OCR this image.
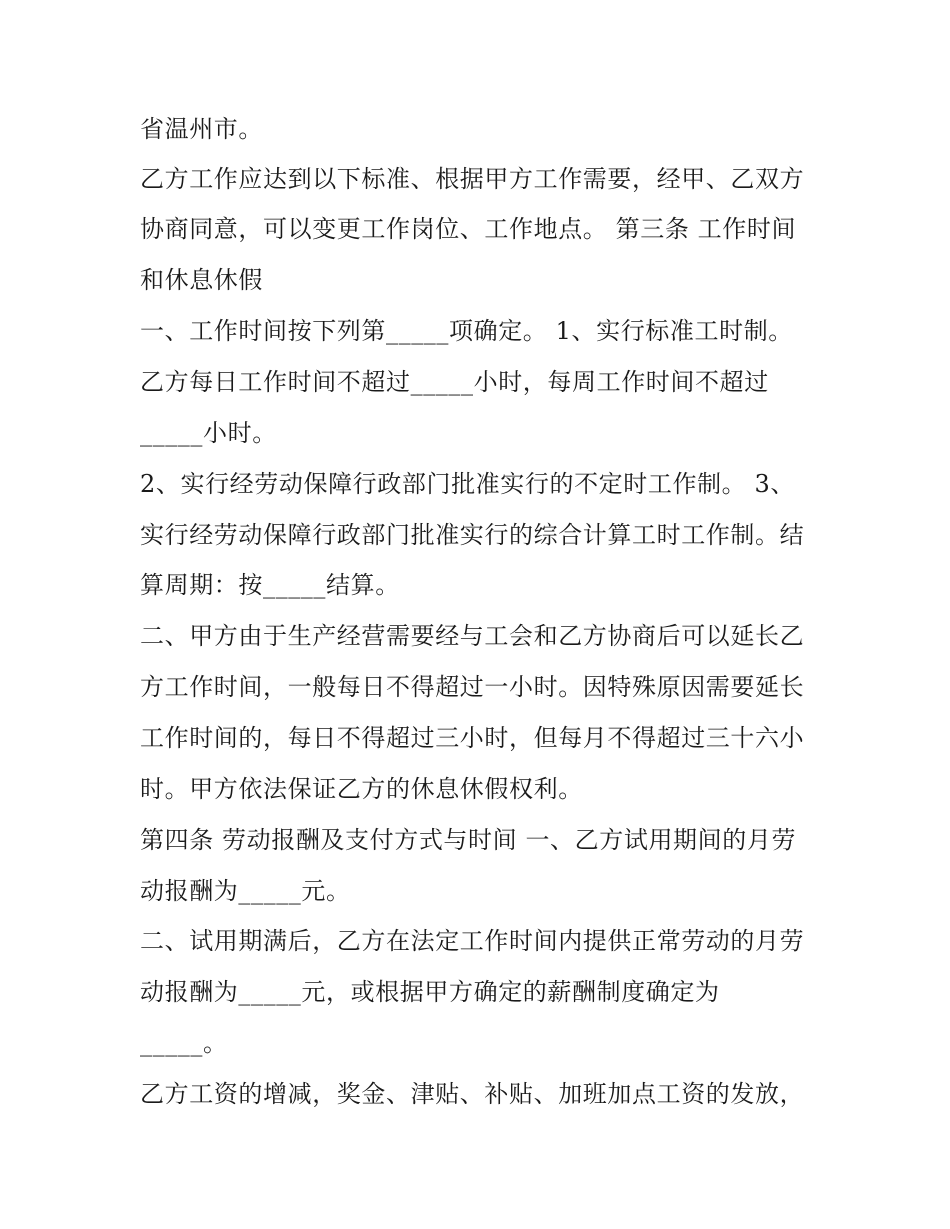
省温州市。
乙方工作应达到以下标准、根据甲方工作需要，经甲、乙双方
协商同意，可以变更工作岗位、工作地点。 第三条 工作时间
和休息休假
一、工作时间按下列第_____项确定。 1、实行标准工时制。
乙方每日工作时间不超过_____小时，每周工作时间不超过
_____小时。
2、实行经劳动保障行政部门批准实行的不定时工作制。 3、
实行经劳动保障行政部门批准实行的综合计算工时工作制。结
算周期：按_____结算。
二、甲方由于生产经营需要经与工会和乙方协商后可以延长乙
方工作时间，一般每日不得超过一小时。因特殊原因需要延长
工作时间的，每日不得超过三小时，但每月不得超过三十六小
时。甲方依法保证乙方的休息休假权利。
第四条 劳动报酬及支付方式与时间 一、乙方试用期间的月劳
动报酬为_____元。
二、试用期满后，乙方在法定工作时间内提供正常劳动的月劳
动报酬为_____元，或根据甲方确定的薪酬制度确定为
_____。
乙方工资的增减，奖金、津贴、补贴、加班加点工资的发放，
